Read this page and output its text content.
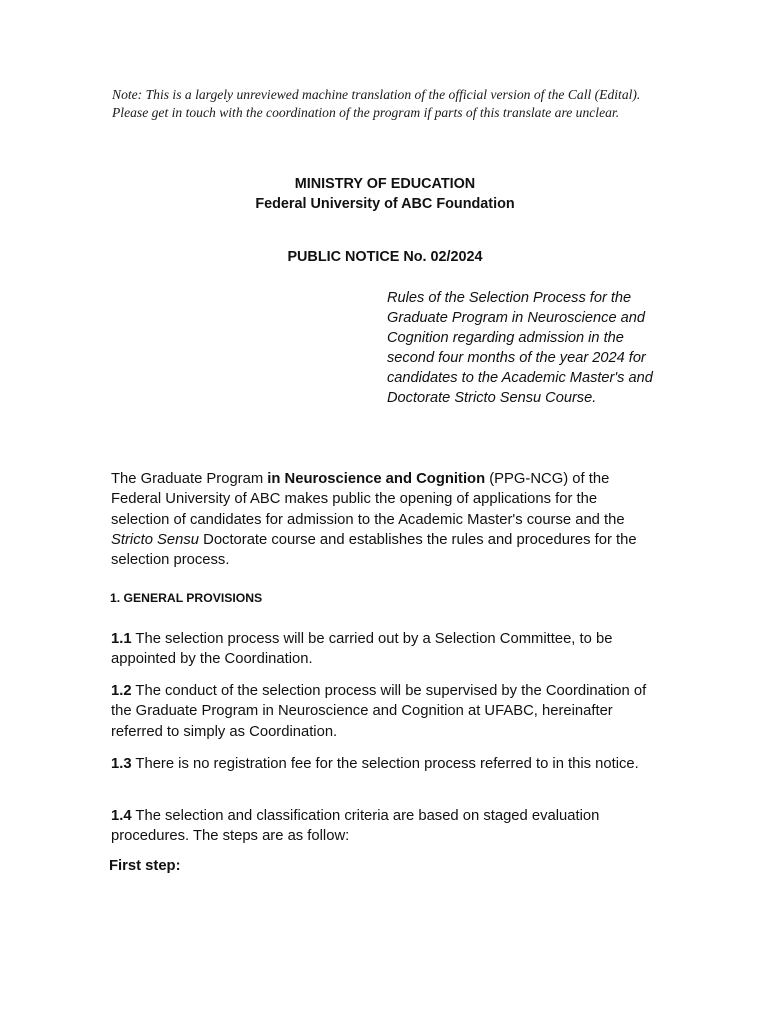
Note: This is a largely unreviewed machine translation of the official version of the Call (Edital). Please get in touch with the coordination of the program if parts of this translate are unclear.
MINISTRY OF EDUCATION
Federal University of ABC Foundation
PUBLIC NOTICE No. 02/2024
Rules of the Selection Process for the Graduate Program in Neuroscience and Cognition regarding admission in the second four months of the year 2024 for candidates to the Academic Master's and Doctorate Stricto Sensu Course.
The Graduate Program in Neuroscience and Cognition (PPG-NCG) of the Federal University of ABC makes public the opening of applications for the selection of candidates for admission to the Academic Master's course and the Stricto Sensu Doctorate course and establishes the rules and procedures for the selection process.
1. GENERAL PROVISIONS
1.1 The selection process will be carried out by a Selection Committee, to be appointed by the Coordination.
1.2 The conduct of the selection process will be supervised by the Coordination of the Graduate Program in Neuroscience and Cognition at UFABC, hereinafter referred to simply as Coordination.
1.3 There is no registration fee for the selection process referred to in this notice.
1.4 The selection and classification criteria are based on staged evaluation procedures. The steps are as follow:
First step:
